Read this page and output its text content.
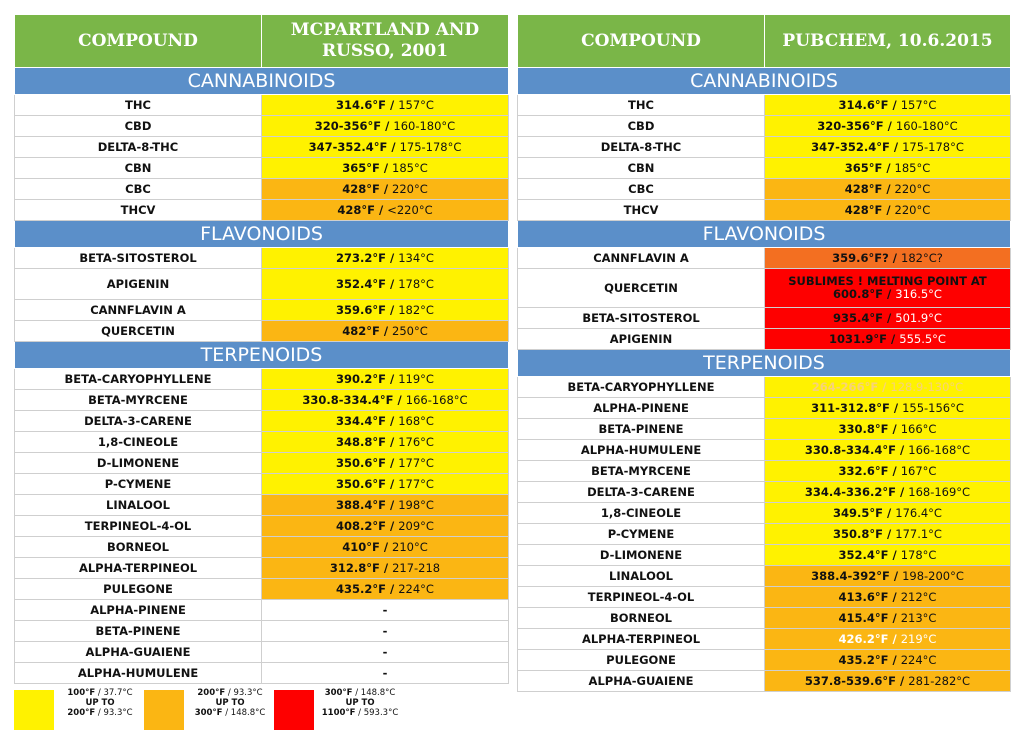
COMPOUND	MCPARTLAND AND RUSSO, 2001
CANNABINOIDS	
THC	314.6°F / 157°C
CBD	320-356°F / 160-180°C
DELTA-8-THC	347-352.4°F / 175-178°C
CBN	365°F / 185°C
CBC	428°F / 220°C
THCV	428°F / <220°C
FLAVONOIDS	
BETA-SITOSTEROL	273.2°F / 134°C
APIGENIN	352.4°F / 178°C
CANNFLAVIN A	359.6°F / 182°C
QUERCETIN	482°F / 250°C
TERPENOIDS	
BETA-CARYOPHYLLENE	390.2°F / 119°C
BETA-MYRCENE	330.8-334.4°F / 166-168°C
DELTA-3-CARENE	334.4°F / 168°C
1,8-CINEOLE	348.8°F / 176°C
D-LIMONENE	350.6°F / 177°C
P-CYMENE	350.6°F / 177°C
LINALOOL	388.4°F / 198°C
TERPINEOL-4-OL	408.2°F / 209°C
BORNEOL	410°F / 210°C
ALPHA-TERPINEOL	312.8°F / 217-218
PULEGONE	435.2°F / 224°C
ALPHA-PINENE	-
BETA-PINENE	-
ALPHA-GUAIENE	-
ALPHA-HUMULENE	-
COMPOUND	PUBCHEM, 10.6.2015
CANNABINOIDS	
THC	314.6°F / 157°C
CBD	320-356°F / 160-180°C
DELTA-8-THC	347-352.4°F / 175-178°C
CBN	365°F / 185°C
CBC	428°F / 220°C
THCV	428°F / 220°C
FLAVONOIDS	
CANNFLAVIN A	359.6°F? / 182°C?
QUERCETIN	SUBLIMES ! MELTING POINT AT
600.8°F / 316.5°C
BETA-SITOSTEROL	935.4°F / 501.9°C
APIGENIN	1031.9°F / 555.5°C
TERPENOIDS	
BETA-CARYOPHYLLENE	264-266°F / 128.9-130°C
ALPHA-PINENE	311-312.8°F / 155-156°C
BETA-PINENE	330.8°F / 166°C
ALPHA-HUMULENE	330.8-334.4°F / 166-168°C
BETA-MYRCENE	332.6°F / 167°C
DELTA-3-CARENE	334.4-336.2°F / 168-169°C
1,8-CINEOLE	349.5°F / 176.4°C
P-CYMENE	350.8°F / 177.1°C
D-LIMONENE	352.4°F / 178°C
LINALOOL	388.4-392°F / 198-200°C
TERPINEOL-4-OL	413.6°F / 212°C
BORNEOL	415.4°F / 213°C
ALPHA-TERPINEOL	426.2°F / 219°C
PULEGONE	435.2°F / 224°C
ALPHA-GUAIENE	537.8-539.6°F / 281-282°C
100°F / 37.7°C
UP TO
200°F / 93.3°C
200°F / 93.3°C
UP TO
300°F / 148.8°C
300°F / 148.8°C
UP TO
1100°F / 593.3°C
